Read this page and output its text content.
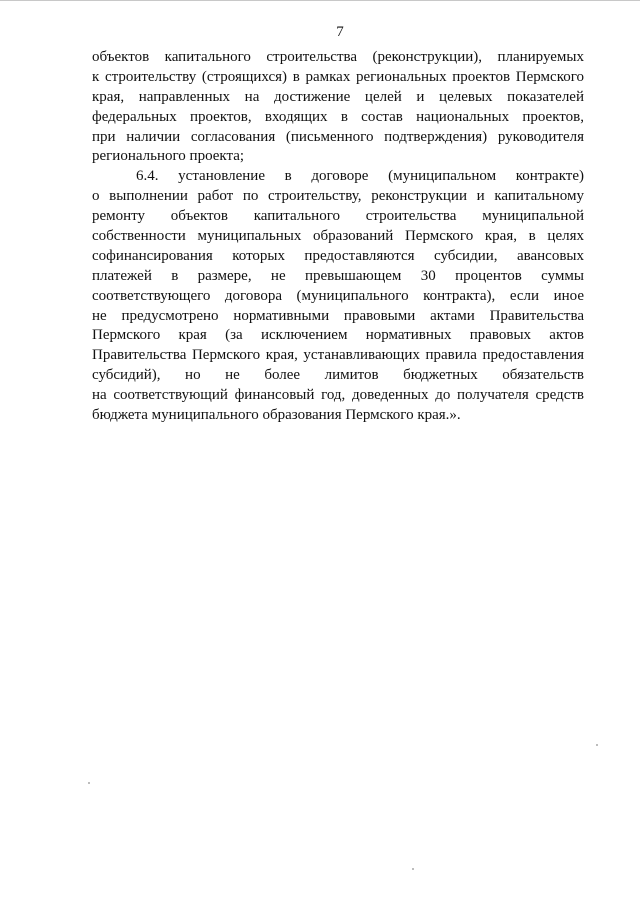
7
объектов капитального строительства (реконструкции), планируемых
к строительству (строящихся) в рамках региональных проектов Пермского
края, направленных на достижение целей и целевых показателей
федеральных проектов, входящих в состав национальных проектов,
при наличии согласования (письменного подтверждения) руководителя
регионального проекта;
6.4. установление в договоре (муниципальном контракте)
о выполнении работ по строительству, реконструкции и капитальному
ремонту объектов капитального строительства муниципальной
собственности муниципальных образований Пермского края, в целях
софинансирования которых предоставляются субсидии, авансовых
платежей в размере, не превышающем 30 процентов суммы
соответствующего договора (муниципального контракта), если иное
не предусмотрено нормативными правовыми актами Правительства
Пермского края (за исключением нормативных правовых актов
Правительства Пермского края, устанавливающих правила предоставления
субсидий), но не более лимитов бюджетных обязательств
на соответствующий финансовый год, доведенных до получателя средств
бюджета муниципального образования Пермского края.».
